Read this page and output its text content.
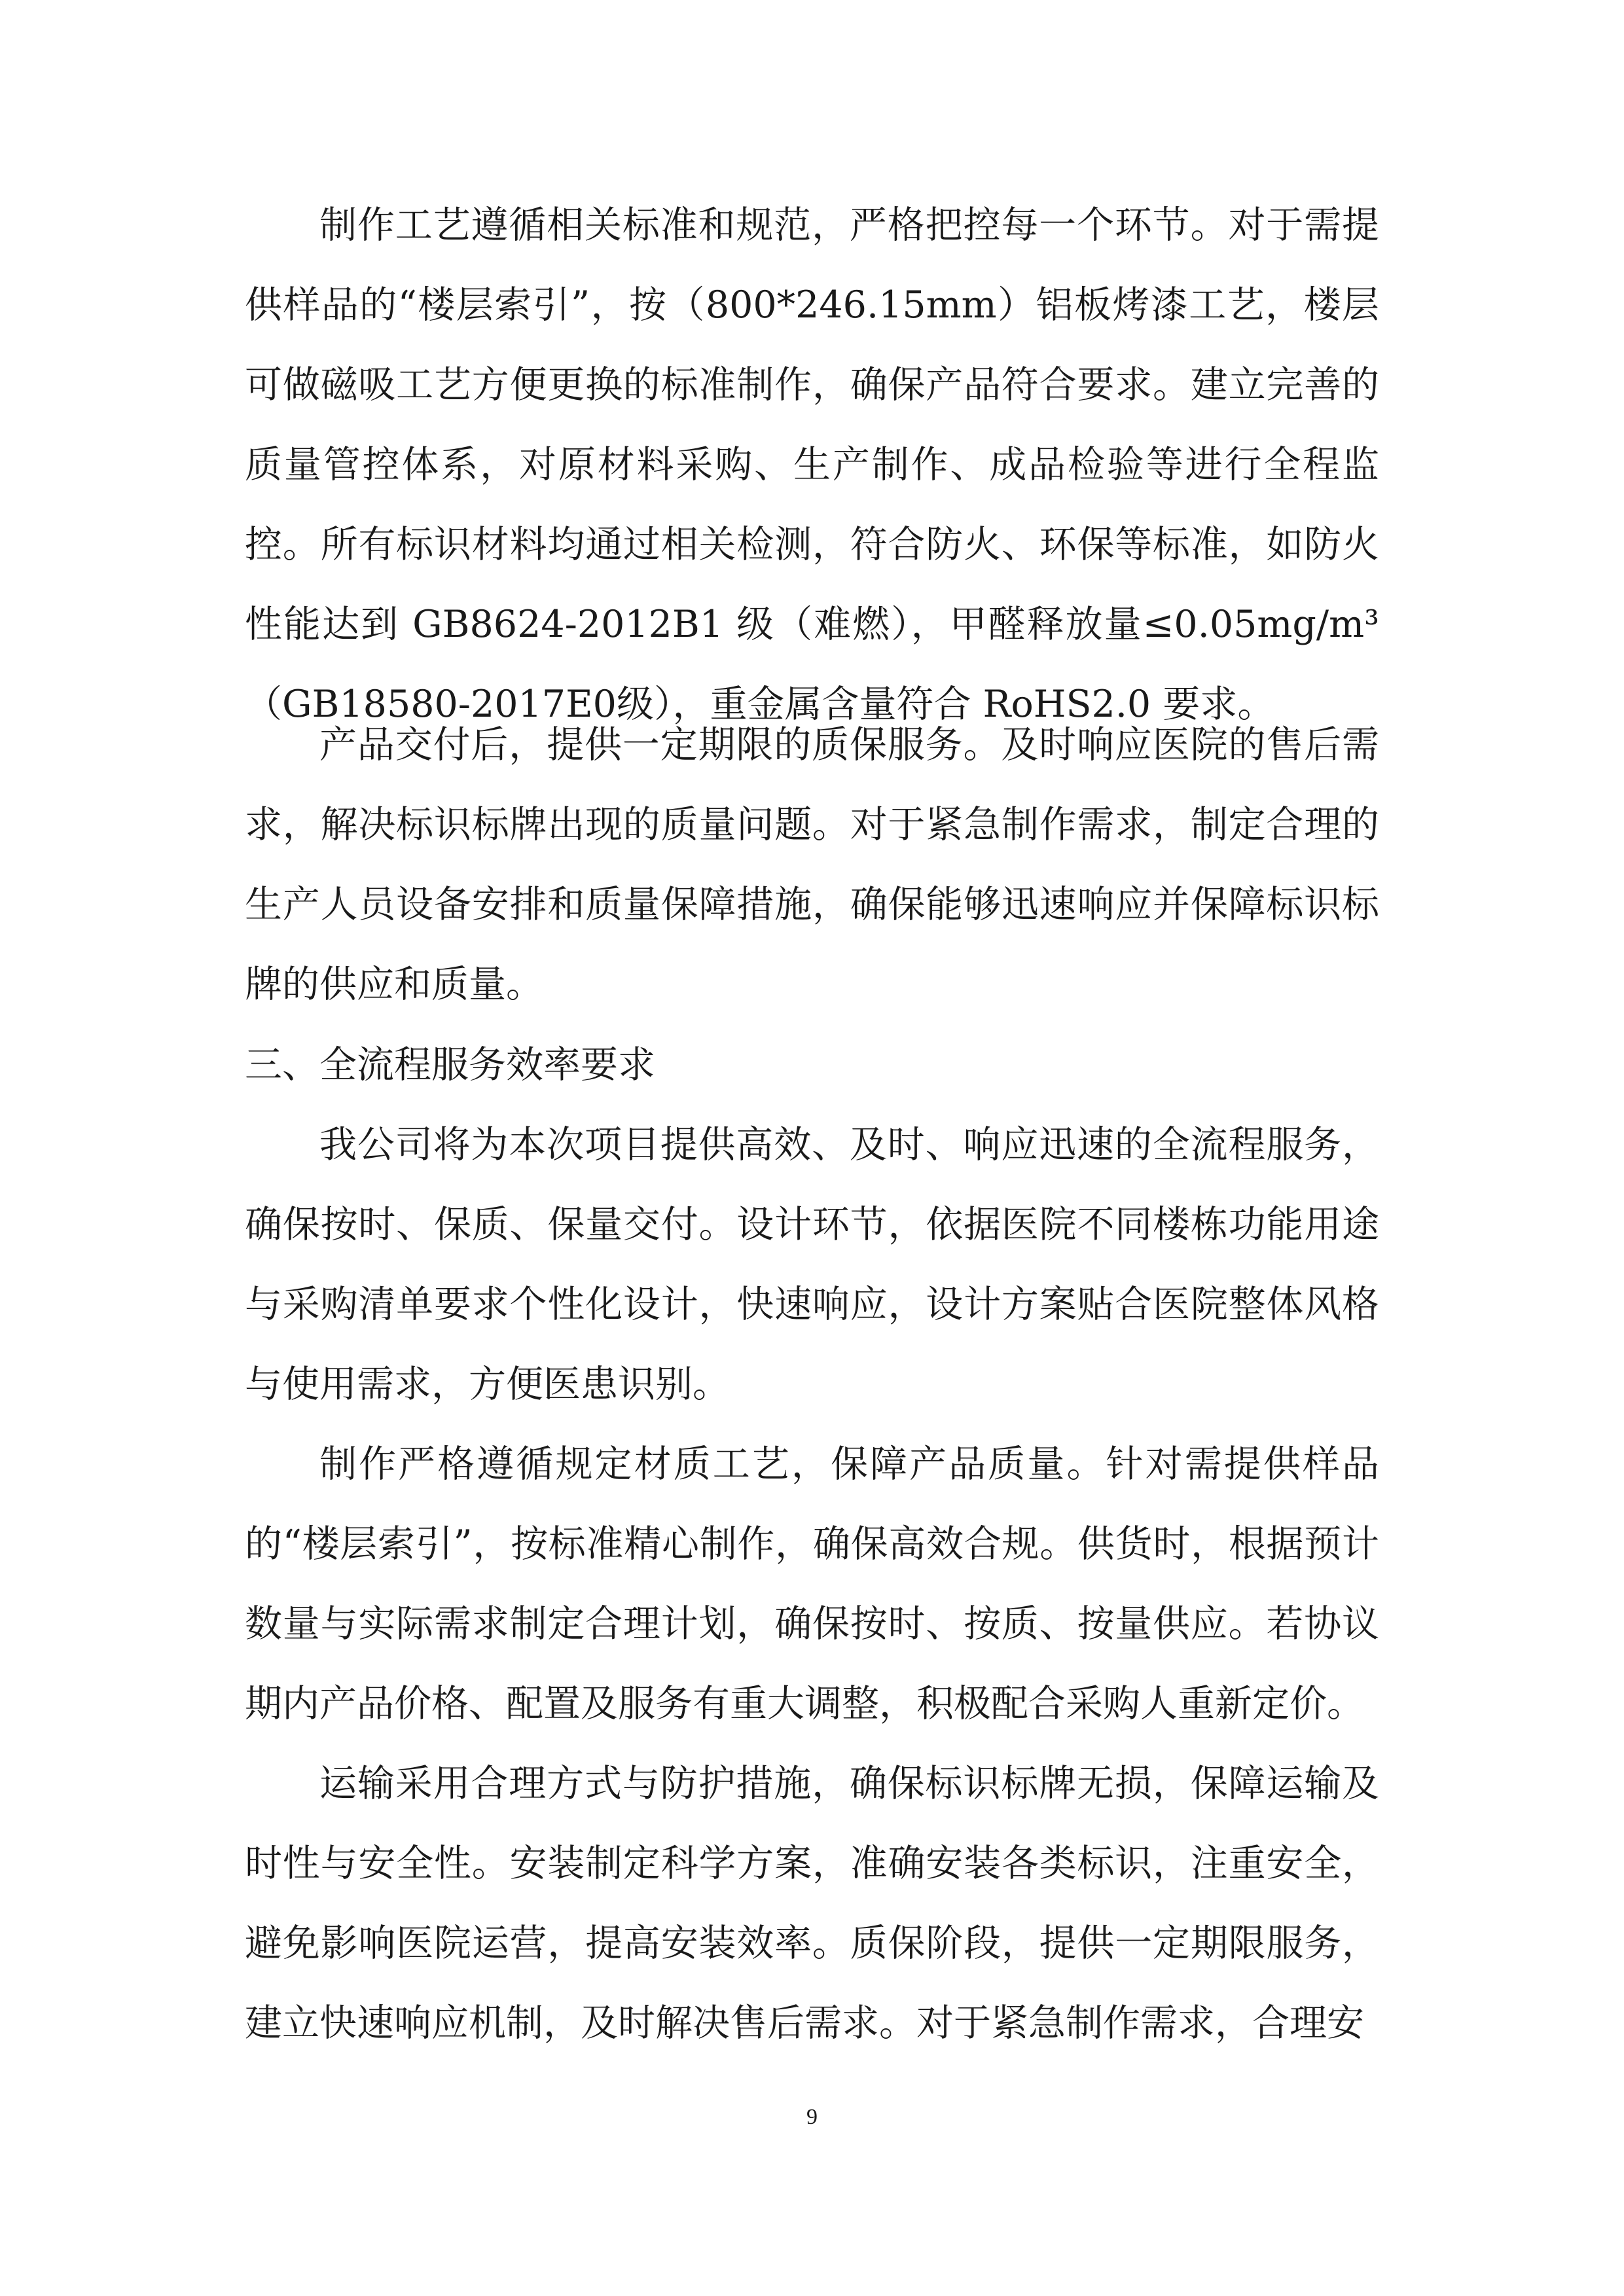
制作工艺遵循相关标准和规范，严格把控每一个环节。对于需提供样品的“楼层索引”，按（800*246.15mm）铝板烤漆工艺，楼层可做磁吸工艺方便更换的标准制作，确保产品符合要求。建立完善的质量管控体系，对原材料采购、生产制作、成品检验等进行全程监控。所有标识材料均通过相关检测，符合防火、环保等标准，如防火性能达到 GB8624-2012B1 级（难燃），甲醛释放量≤0.05mg/m³（GB18580-2017E0级），重金属含量符合 RoHS2.0 要求。

产品交付后，提供一定期限的质保服务。及时响应医院的售后需求，解决标识标牌出现的质量问题。对于紧急制作需求，制定合理的生产人员设备安排和质量保障措施，确保能够迅速响应并保障标识标牌的供应和质量。

三、全流程服务效率要求

我公司将为本次项目提供高效、及时、响应迅速的全流程服务，确保按时、保质、保量交付。设计环节，依据医院不同楼栋功能用途与采购清单要求个性化设计，快速响应，设计方案贴合医院整体风格与使用需求，方便医患识别。

制作严格遵循规定材质工艺，保障产品质量。针对需提供样品的“楼层索引”，按标准精心制作，确保高效合规。供货时，根据预计数量与实际需求制定合理计划，确保按时、按质、按量供应。若协议期内产品价格、配置及服务有重大调整，积极配合采购人重新定价。

运输采用合理方式与防护措施，确保标识标牌无损，保障运输及时性与安全性。安装制定科学方案，准确安装各类标识，注重安全，避免影响医院运营，提高安装效率。质保阶段，提供一定期限服务，建立快速响应机制，及时解决售后需求。对于紧急制作需求，合理安

9
